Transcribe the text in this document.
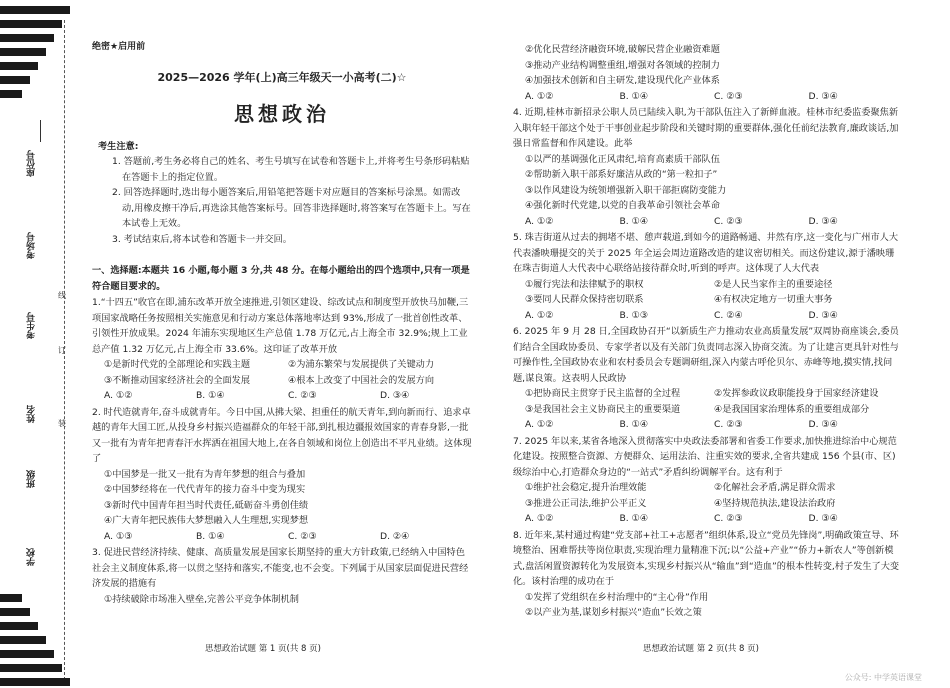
座位号
考场号
考生号
姓名
班级
学校
线
订
装
绝密★启用前
2025—2026 学年(上)高三年级天一小高考(二)☆
思想政治
考生注意:
1. 答题前,考生务必将自己的姓名、考生号填写在试卷和答题卡上,并将考生号条形码粘贴在答题卡上的指定位置。
2. 回答选择题时,选出每小题答案后,用铅笔把答题卡对应题目的答案标号涂黑。如需改动,用橡皮擦干净后,再选涂其他答案标号。回答非选择题时,将答案写在答题卡上。写在本试卷上无效。
3. 考试结束后,将本试卷和答题卡一并交回。
一、选择题:本题共 16 小题,每小题 3 分,共 48 分。在每小题给出的四个选项中,只有一项是符合题目要求的。
1.“十四五”收官在即,浦东改革开放全速推进,引领区建设、综改试点和制度型开放快马加鞭,三项国家战略任务按照相关实施意见和行动方案总体落地率达到 93%,形成了一批首创性改革、引领性开放成果。2024 年浦东实现地区生产总值 1.78 万亿元,占上海全市 32.9%;规上工业总产值 1.32 万亿元,占上海全市 33.6%。这印证了改革开放
①是新时代党的全部理论和实践主题	②为浦东繁荣与发展提供了关键动力
③不断推动国家经济社会的全面发展	④根本上改变了中国社会的发展方向
A. ①②	B. ①④	C. ②③	D. ③④
2. 时代造就青年,奋斗成就青年。今日中国,从拂大梁、担重任的航天青年,到向新而行、追求卓越的青年大国工匠,从投身乡村振兴造福群众的年轻干部,到扎根边疆报效国家的青春身影,一批又一批有为青年把青春汗水挥洒在祖国大地上,在各自领域和岗位上创造出不平凡业绩。这体现了
①中国梦是一批又一批有为青年梦想的组合与叠加
②中国梦经将在一代代青年的接力奋斗中变为现实
③新时代中国青年担当时代责任,砥砺奋斗勇创佳绩
④广大青年把民族伟大梦想融入人生理想,实现梦想
A. ①③	B. ①④	C. ②③	D. ②④
3. 促进民营经济持续、健康、高质量发展是国家长期坚持的重大方针政策,已经纳入中国特色社会主义制度体系,将一以贯之坚持和落实,不能变,也不会变。下列属于从国家层面促进民营经济发展的措施有
①持续破除市场准入壁垒,完善公平竞争体制机制
②优化民营经济融资环境,破解民营企业融资难题
③推动产业结构调整重组,增强对各领域的控制力
④加强技术创新和自主研发,建设现代化产业体系
A. ①②	B. ①④	C. ②③	D. ③④
4. 近期,桂林市新招录公职人员已陆续入职,为干部队伍注入了新鲜血液。桂林市纪委监委聚焦新入职年轻干部这个处于干事创业起步阶段和关键时期的重要群体,强化任前纪法教育,廉政谈话,加强日常监督和作风建设。此举
①以严的基调强化正风肃纪,培育高素质干部队伍
②帮助新入职干部系好廉洁从政的“第一粒扣子”
③以作风建设为统领增强新入职干部拒腐防变能力
④强化新时代党建,以党的自我革命引领社会革命
A. ①②	B. ①④	C. ②③	D. ③④
5. 珠吉街道从过去的拥堵不堪、憩声载道,到如今的道路畅通、井然有序,这一变化与广州市人大代表潘映珊提交的关于 2025 年全运会周边道路改造的建议密切相关。而这份建议,源于潘映珊在珠吉街道人大代表中心联络站接待群众时,听到的呼声。这体现了人大代表
①履行宪法和法律赋予的职权	②是人民当家作主的重要途径
③要同人民群众保持密切联系	④有权决定地方一切重大事务
A. ①②	B. ①③	C. ②④	D. ③④
6. 2025 年 9 月 28 日,全国政协召开“以新质生产力推动农业高质量发展”双周协商座谈会,委员们结合全国政协委员、专家学者以及有关部门负责同志深入协商交流。为了让建言更具针对性与可操作性,全国政协农业和农村委员会专题调研组,深入内蒙古呼伦贝尔、赤峰等地,摸实情,找问题,谋良策。这表明人民政协
①把协商民主贯穿于民主监督的全过程	②发挥参政议政职能投身于国家经济建设
③是我国社会主义协商民主的重要渠道	④是我国国家治理体系的重要组成部分
A. ①②	B. ①④	C. ②③	D. ③④
7. 2025 年以来,某省各地深入贯彻落实中央政法委部署和省委工作要求,加快推进综治中心规范化建设。按照整合资源、方便群众、运用法治、注重实效的要求,全省共建成 156 个县(市、区)级综治中心,打造群众身边的“一站式”矛盾纠纷调解平台。这有利于
①维护社会稳定,提升治理效能	②化解社会矛盾,满足群众需求
③推进公正司法,维护公平正义	④坚持规范执法,建设法治政府
A. ①②	B. ①④	C. ②③	D. ③④
8. 近年来,某村通过构建“党支部+社工+志愿者”组织体系,设立“党员先锋岗”,明确政策宣导、环境整治、困难帮扶等岗位职责,实现治理力量精准下沉;以“公益+产业”“侨力+新农人”等创新模式,盘活闲置资源转化为发展资本,实现乡村振兴从“输血”到“造血”的根本性转变,村子发生了大变化。该村治理的成功在于
①发挥了党组织在乡村治理中的“主心骨”作用
②以产业为基,谋划乡村振兴“造血”长效之策
思想政治试题 第 1 页(共 8 页)	思想政治试题 第 2 页(共 8 页)
公众号: 中学英语课堂
